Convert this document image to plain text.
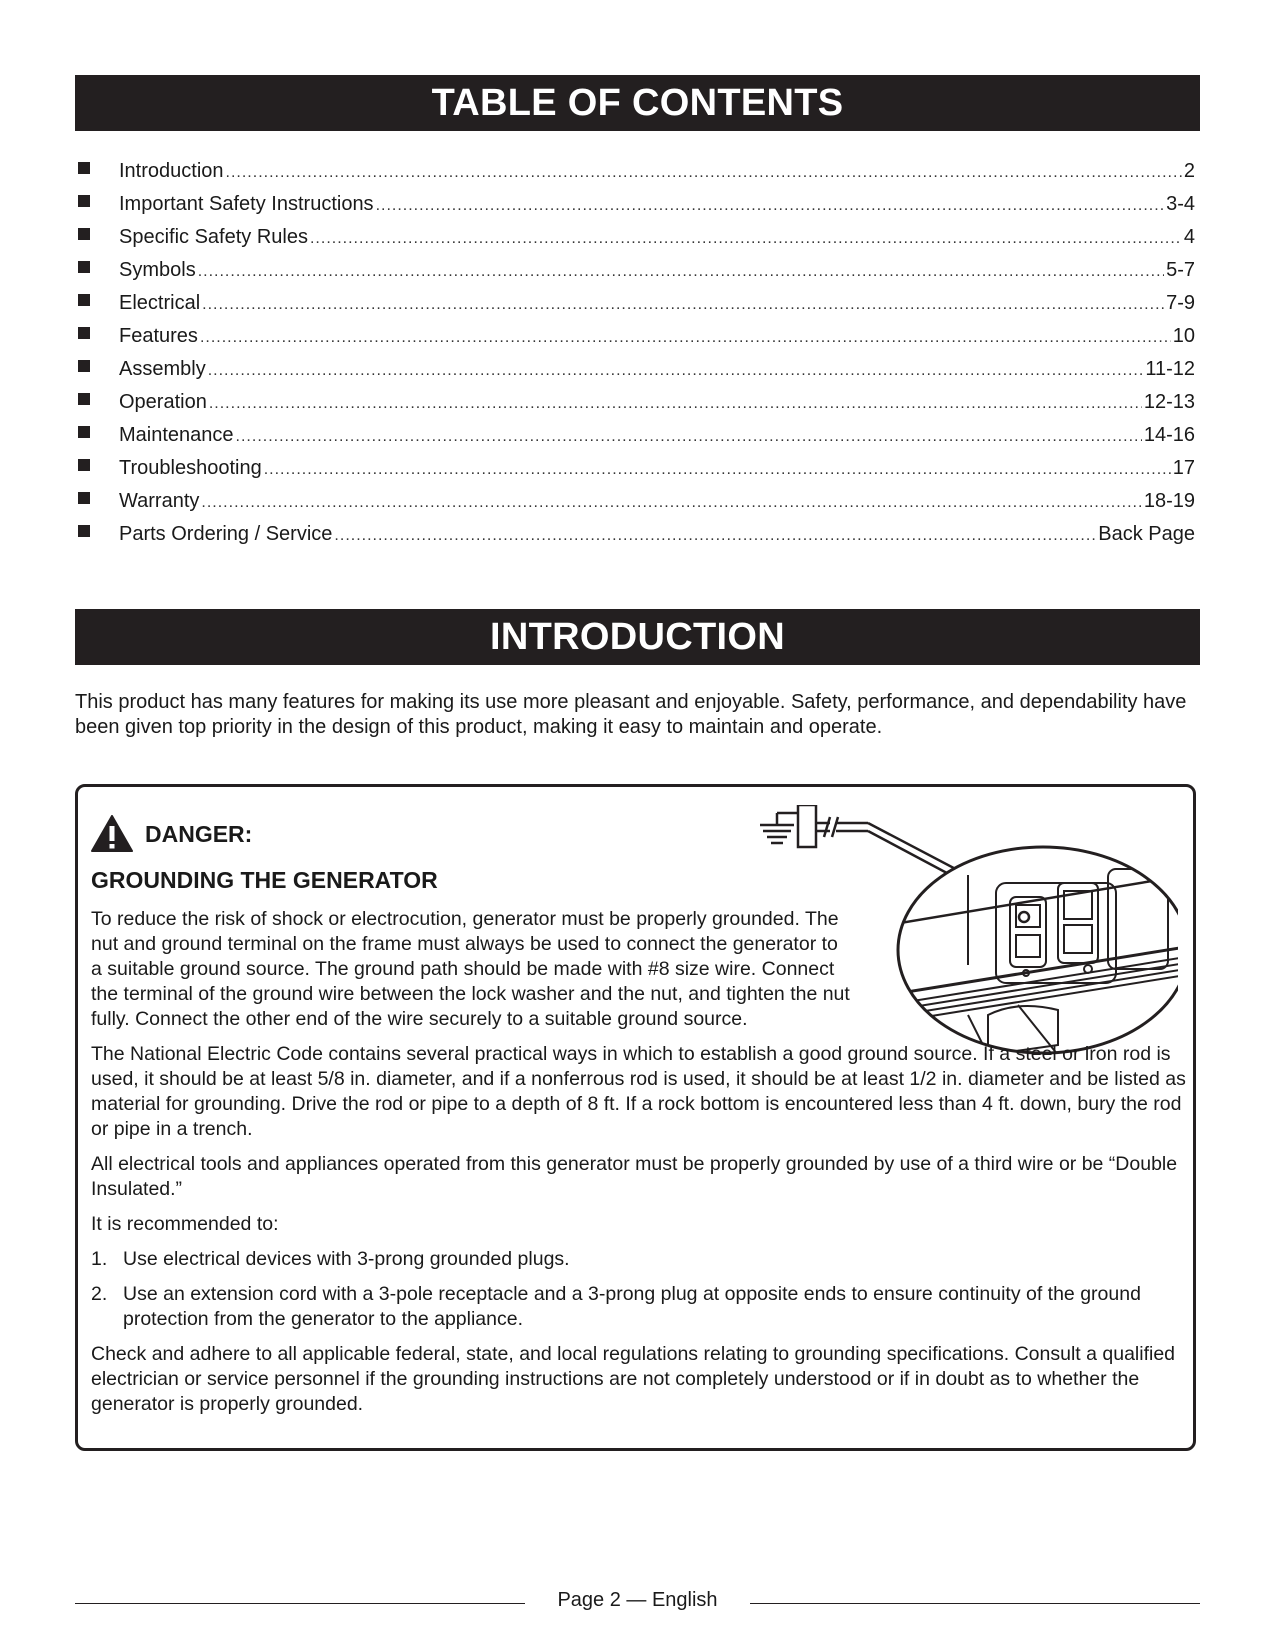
TABLE OF CONTENTS
Introduction .....	2
Important Safety Instructions .....	3-4
Specific Safety Rules .....	4
Symbols .....	5-7
Electrical .....	7-9
Features .....	10
Assembly .....	11-12
Operation .....	12-13
Maintenance .....	14-16
Troubleshooting .....	17
Warranty .....	18-19
Parts Ordering / Service .....	Back Page
INTRODUCTION

This product has many features for making its use more pleasant and enjoyable. Safety, performance, and dependability have been given top priority in the design of this product, making it easy to maintain and operate.

DANGER:
GROUNDING THE GENERATOR

To reduce the risk of shock or electrocution, generator must be properly grounded. The nut and ground terminal on the frame must always be used to connect the generator to a suitable ground source. The ground path should be made with #8 size wire. Connect the terminal of the ground wire between the lock washer and the nut, and tighten the nut fully. Connect the other end of the wire securely to a suitable ground source.

The National Electric Code contains several practical ways in which to establish a good ground source. If a steel or iron rod is used, it should be at least 5/8 in. diameter, and if a nonferrous rod is used, it should be at least 1/2 in. diameter and be listed as material for grounding. Drive the rod or pipe to a depth of 8 ft. If a rock bottom is encountered less than 4 ft. down, bury the rod or pipe in a trench.

All electrical tools and appliances operated from this generator must be properly grounded by use of a third wire or be “Double Insulated.”

It is recommended to:

1. Use electrical devices with 3-prong grounded plugs.
2. Use an extension cord with a 3-pole receptacle and a 3-prong plug at opposite ends to ensure continuity of the ground protection from the generator to the appliance.

Check and adhere to all applicable federal, state, and local regulations relating to grounding specifications. Consult a qualified electrician or service personnel if the grounding instructions are not completely understood or if in doubt as to whether the generator is properly grounded.

Page 2 — English
